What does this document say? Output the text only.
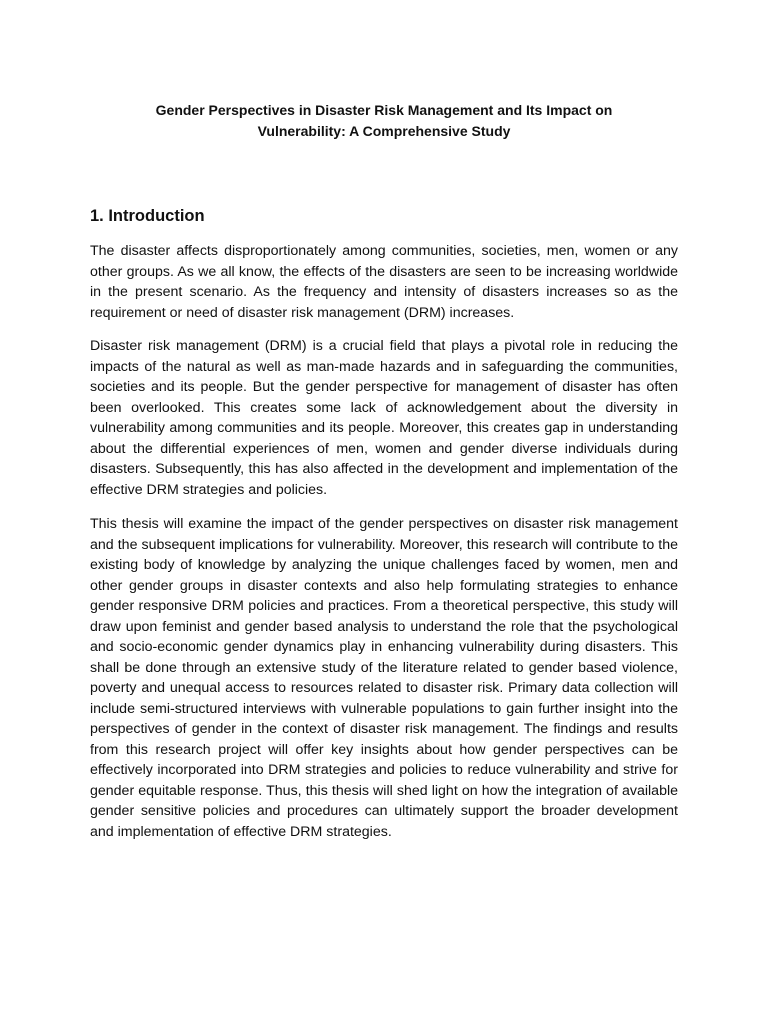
Gender Perspectives in Disaster Risk Management and Its Impact on
Vulnerability: A Comprehensive Study
1. Introduction

The disaster affects disproportionately among communities, societies, men, women or any other groups. As we all know, the effects of the disasters are seen to be increasing worldwide in the present scenario. As the frequency and intensity of disasters increases so as the requirement or need of disaster risk management (DRM) increases.

Disaster risk management (DRM) is a crucial field that plays a pivotal role in reducing the impacts of the natural as well as man-made hazards and in safeguarding the communities, societies and its people. But the gender perspective for management of disaster has often been overlooked. This creates some lack of acknowledgement about the diversity in vulnerability among communities and its people. Moreover, this creates gap in understanding about the differential experiences of men, women and gender diverse individuals during disasters. Subsequently, this has also affected in the development and implementation of the effective DRM strategies and policies.

This thesis will examine the impact of the gender perspectives on disaster risk management and the subsequent implications for vulnerability. Moreover, this research will contribute to the existing body of knowledge by analyzing the unique challenges faced by women, men and other gender groups in disaster contexts and also help formulating strategies to enhance gender responsive DRM policies and practices. From a theoretical perspective, this study will draw upon feminist and gender based analysis to understand the role that the psychological and socio-economic gender dynamics play in enhancing vulnerability during disasters. This shall be done through an extensive study of the literature related to gender based violence, poverty and unequal access to resources related to disaster risk. Primary data collection will include semi-structured interviews with vulnerable populations to gain further insight into the perspectives of gender in the context of disaster risk management. The findings and results from this research project will offer key insights about how gender perspectives can be effectively incorporated into DRM strategies and policies to reduce vulnerability and strive for gender equitable response. Thus, this thesis will shed light on how the integration of available gender sensitive policies and procedures can ultimately support the broader development and implementation of effective DRM strategies.
